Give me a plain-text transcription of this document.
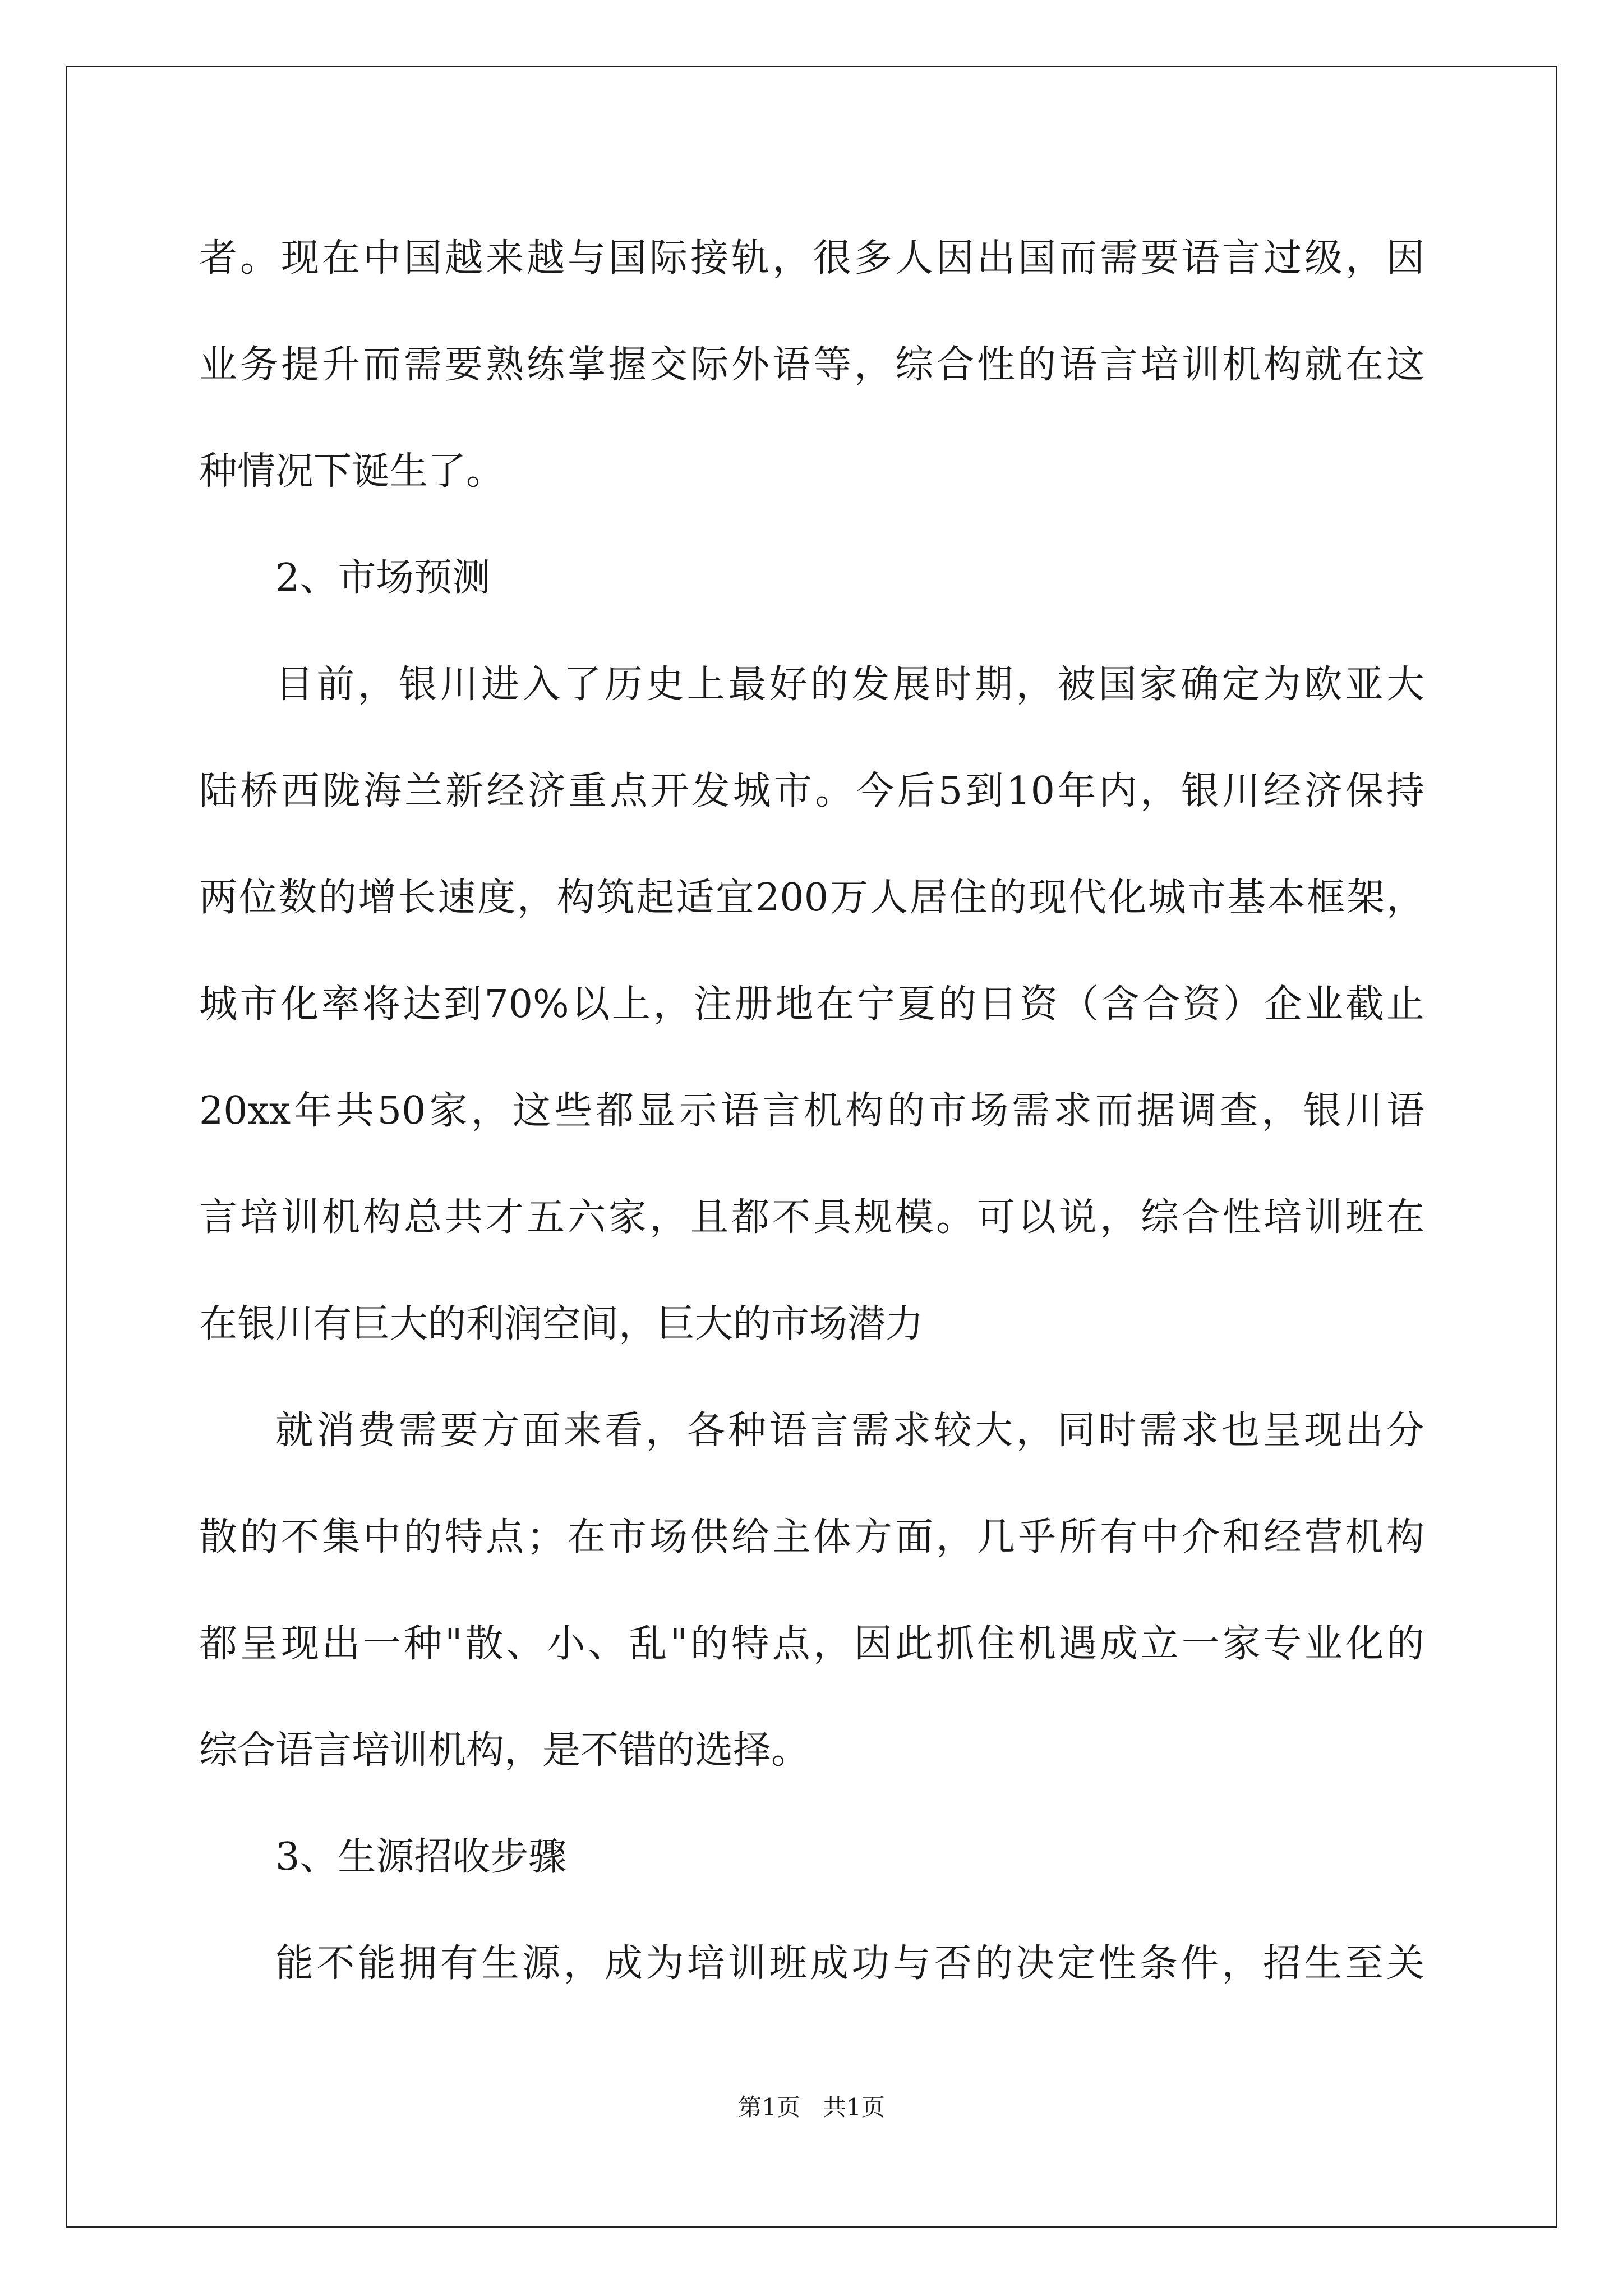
者。现在中国越来越与国际接轨，很多人因出国而需要语言过级，因
业务提升而需要熟练掌握交际外语等，综合性的语言培训机构就在这
种情况下诞生了。
2、市场预测
目前，银川进入了历史上最好的发展时期，被国家确定为欧亚大
陆桥西陇海兰新经济重点开发城市。今后5到10年内，银川经济保持
两位数的增长速度，构筑起适宜200万人居住的现代化城市基本框架，
城市化率将达到70%以上，注册地在宁夏的日资（含合资）企业截止
20xx年共50家，这些都显示语言机构的市场需求而据调查，银川语
言培训机构总共才五六家，且都不具规模。可以说，综合性培训班在
在银川有巨大的利润空间，巨大的市场潜力
就消费需要方面来看，各种语言需求较大，同时需求也呈现出分
散的不集中的特点；在市场供给主体方面，几乎所有中介和经营机构
都呈现出一种"散、小、乱"的特点，因此抓住机遇成立一家专业化的
综合语言培训机构，是不错的选择。
3、生源招收步骤
能不能拥有生源，成为培训班成功与否的决定性条件，招生至关
第1页   共1页
